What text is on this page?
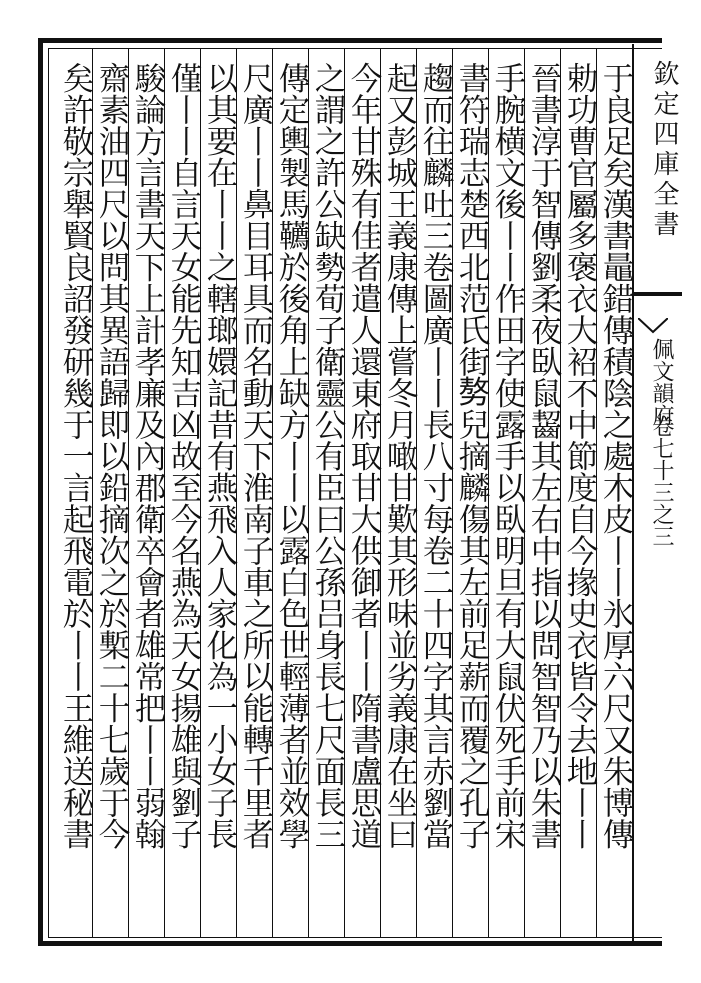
欽定四庫全書
佩文韻府
卷七十三之三
于良足矣漢書鼂錯傳積陰之處木皮丨丨氷厚六尺又朱博傳
勅功曹官屬多褒衣大袑不中節度自今掾史衣皆令去地丨丨
晉書淳于智傳劉柔夜臥鼠齧其左右中指以問智智乃以朱書
手腕横文後丨丨作田字使露手以臥明旦有大鼠伏死手前宋
書符瑞志楚西北范氏街𠢕兒摘麟傷其左前足薪而覆之孔子
趨而往麟吐三卷圖廣丨丨長八寸每卷二十四字其言赤劉當
起又彭城王義康傳上嘗冬月噉甘歎其形味並劣義康在坐曰
今年甘殊有佳者遣人還東府取甘大供御者丨丨隋書盧思道
之謂之許公缺勢荀子衛靈公有臣曰公孫吕身長七尺面長三
傳定輿製馬韉於後角上缺方丨丨以露白色世輕薄者並效學
尺廣丨丨鼻目耳具而名動天下淮南子車之所以能轉千里者
以其要在丨丨之轄瑯嬛記昔有燕飛入人家化為一小女子長
僅丨丨自言天女能先知吉凶故至今名燕為天女揚雄與劉子
駿論方言書天下上計孝廉及內郡衛卒會者雄常把丨丨弱翰
齋素油四尺以問其異語歸即以鉛摘次之於槧二十七歲于今
矣許敬宗舉賢良詔發研幾于一言起飛電於丨丨王維送秘書
